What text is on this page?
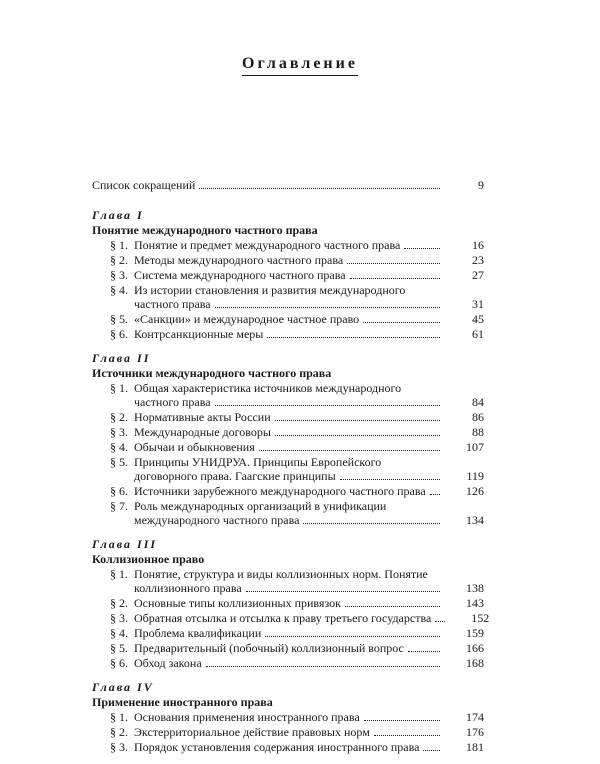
Оглавление
Список сокращений	9
Глава I
Понятие международного частного права
§ 1. Понятие и предмет международного частного права	16
§ 2. Методы международного частного права	23
§ 3. Система международного частного права	27
§ 4. Из истории становления и развития международного
частного права	31
§ 5. «Санкции» и международное частное право	45
§ 6. Контрсанкционные меры	61
Глава II
Источники международного частного права
§ 1. Общая характеристика источников международного
частного права	84
§ 2. Нормативные акты России	86
§ 3. Международные договоры	88
§ 4. Обычаи и обыкновения	107
§ 5. Принципы УНИДРУА. Принципы Европейского
договорного права. Гаагские принципы	119
§ 6. Источники зарубежного международного частного права	126
§ 7. Роль международных организаций в унификации
международного частного права	134
Глава III
Коллизионное право
§ 1. Понятие, структура и виды коллизионных норм. Понятие
коллизионного права	138
§ 2. Основные типы коллизионных привязок	143
§ 3. Обратная отсылка и отсылка к праву третьего государства	152
§ 4. Проблема квалификации	159
§ 5. Предварительный (побочный) коллизионный вопрос	166
§ 6. Обход закона	168
Глава IV
Применение иностранного права
§ 1. Основания применения иностранного права	174
§ 2. Экстерриториальное действие правовых норм	176
§ 3. Порядок установления содержания иностранного права	181
